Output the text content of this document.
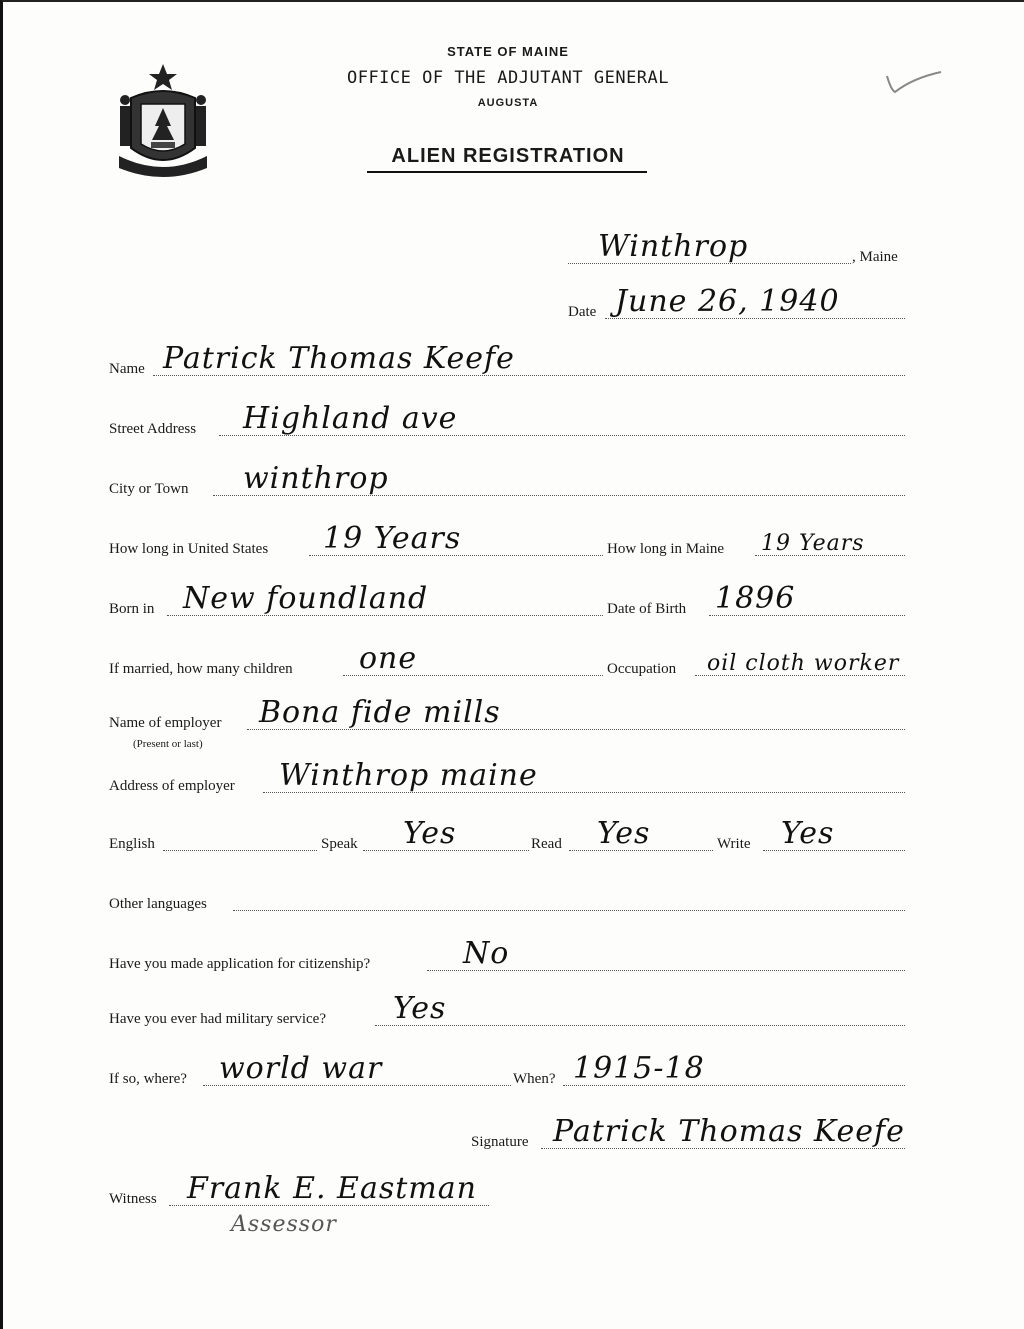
STATE OF MAINE
OFFICE OF THE ADJUTANT GENERAL
AUGUSTA
ALIEN REGISTRATION
Winthrop	, Maine
Date June 26, 1940
Name Patrick Thomas Keefe
Street Address Highland ave
City or Town winthrop
How long in United States 19 Years	How long in Maine 19 Years
Born in New foundland	Date of Birth 1896
If married, how many children one	Occupation oil cloth worker
Name of employer
(Present or last)
Bona fide mills
Address of employer Winthrop maine
English	Speak Yes	Read Yes	Write Yes
Other languages
Have you made application for citizenship?	No
Have you ever had military service? Yes
If so, where? world war	When? 1915-18
Signature Patrick Thomas Keefe
Witness Frank E. Eastman
Assessor
